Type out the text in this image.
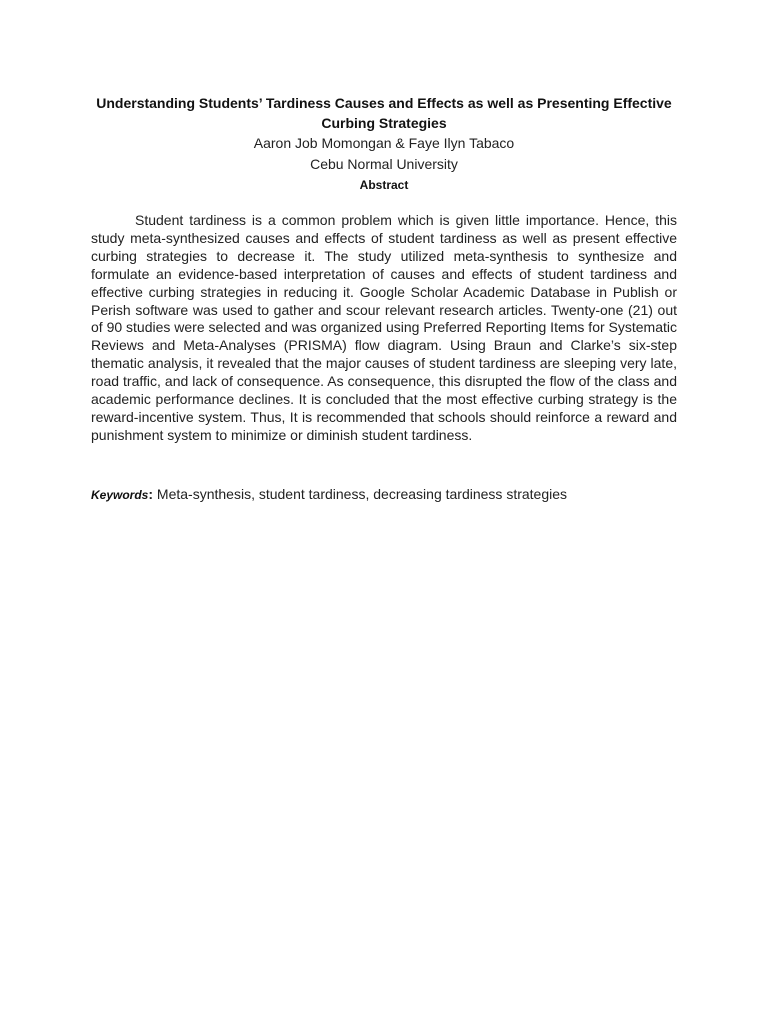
Understanding Students’ Tardiness Causes and Effects as well as Presenting Effective Curbing Strategies

Aaron Job Momongan & Faye Ilyn Tabaco

Cebu Normal University

Abstract

Student tardiness is a common problem which is given little importance. Hence, this study meta-synthesized causes and effects of student tardiness as well as present effective curbing strategies to decrease it. The study utilized meta-synthesis to synthesize and formulate an evidence-based interpretation of causes and effects of student tardiness and effective curbing strategies in reducing it. Google Scholar Academic Database in Publish or Perish software was used to gather and scour relevant research articles. Twenty-one (21) out of 90 studies were selected and was organized using Preferred Reporting Items for Systematic Reviews and Meta-Analyses (PRISMA) flow diagram. Using Braun and Clarke’s six-step thematic analysis, it revealed that the major causes of student tardiness are sleeping very late, road traffic, and lack of consequence. As consequence, this disrupted the flow of the class and academic performance declines. It is concluded that the most effective curbing strategy is the reward-incentive system. Thus, It is recommended that schools should reinforce a reward and punishment system to minimize or diminish student tardiness.

Keywords: Meta-synthesis, student tardiness, decreasing tardiness strategies
